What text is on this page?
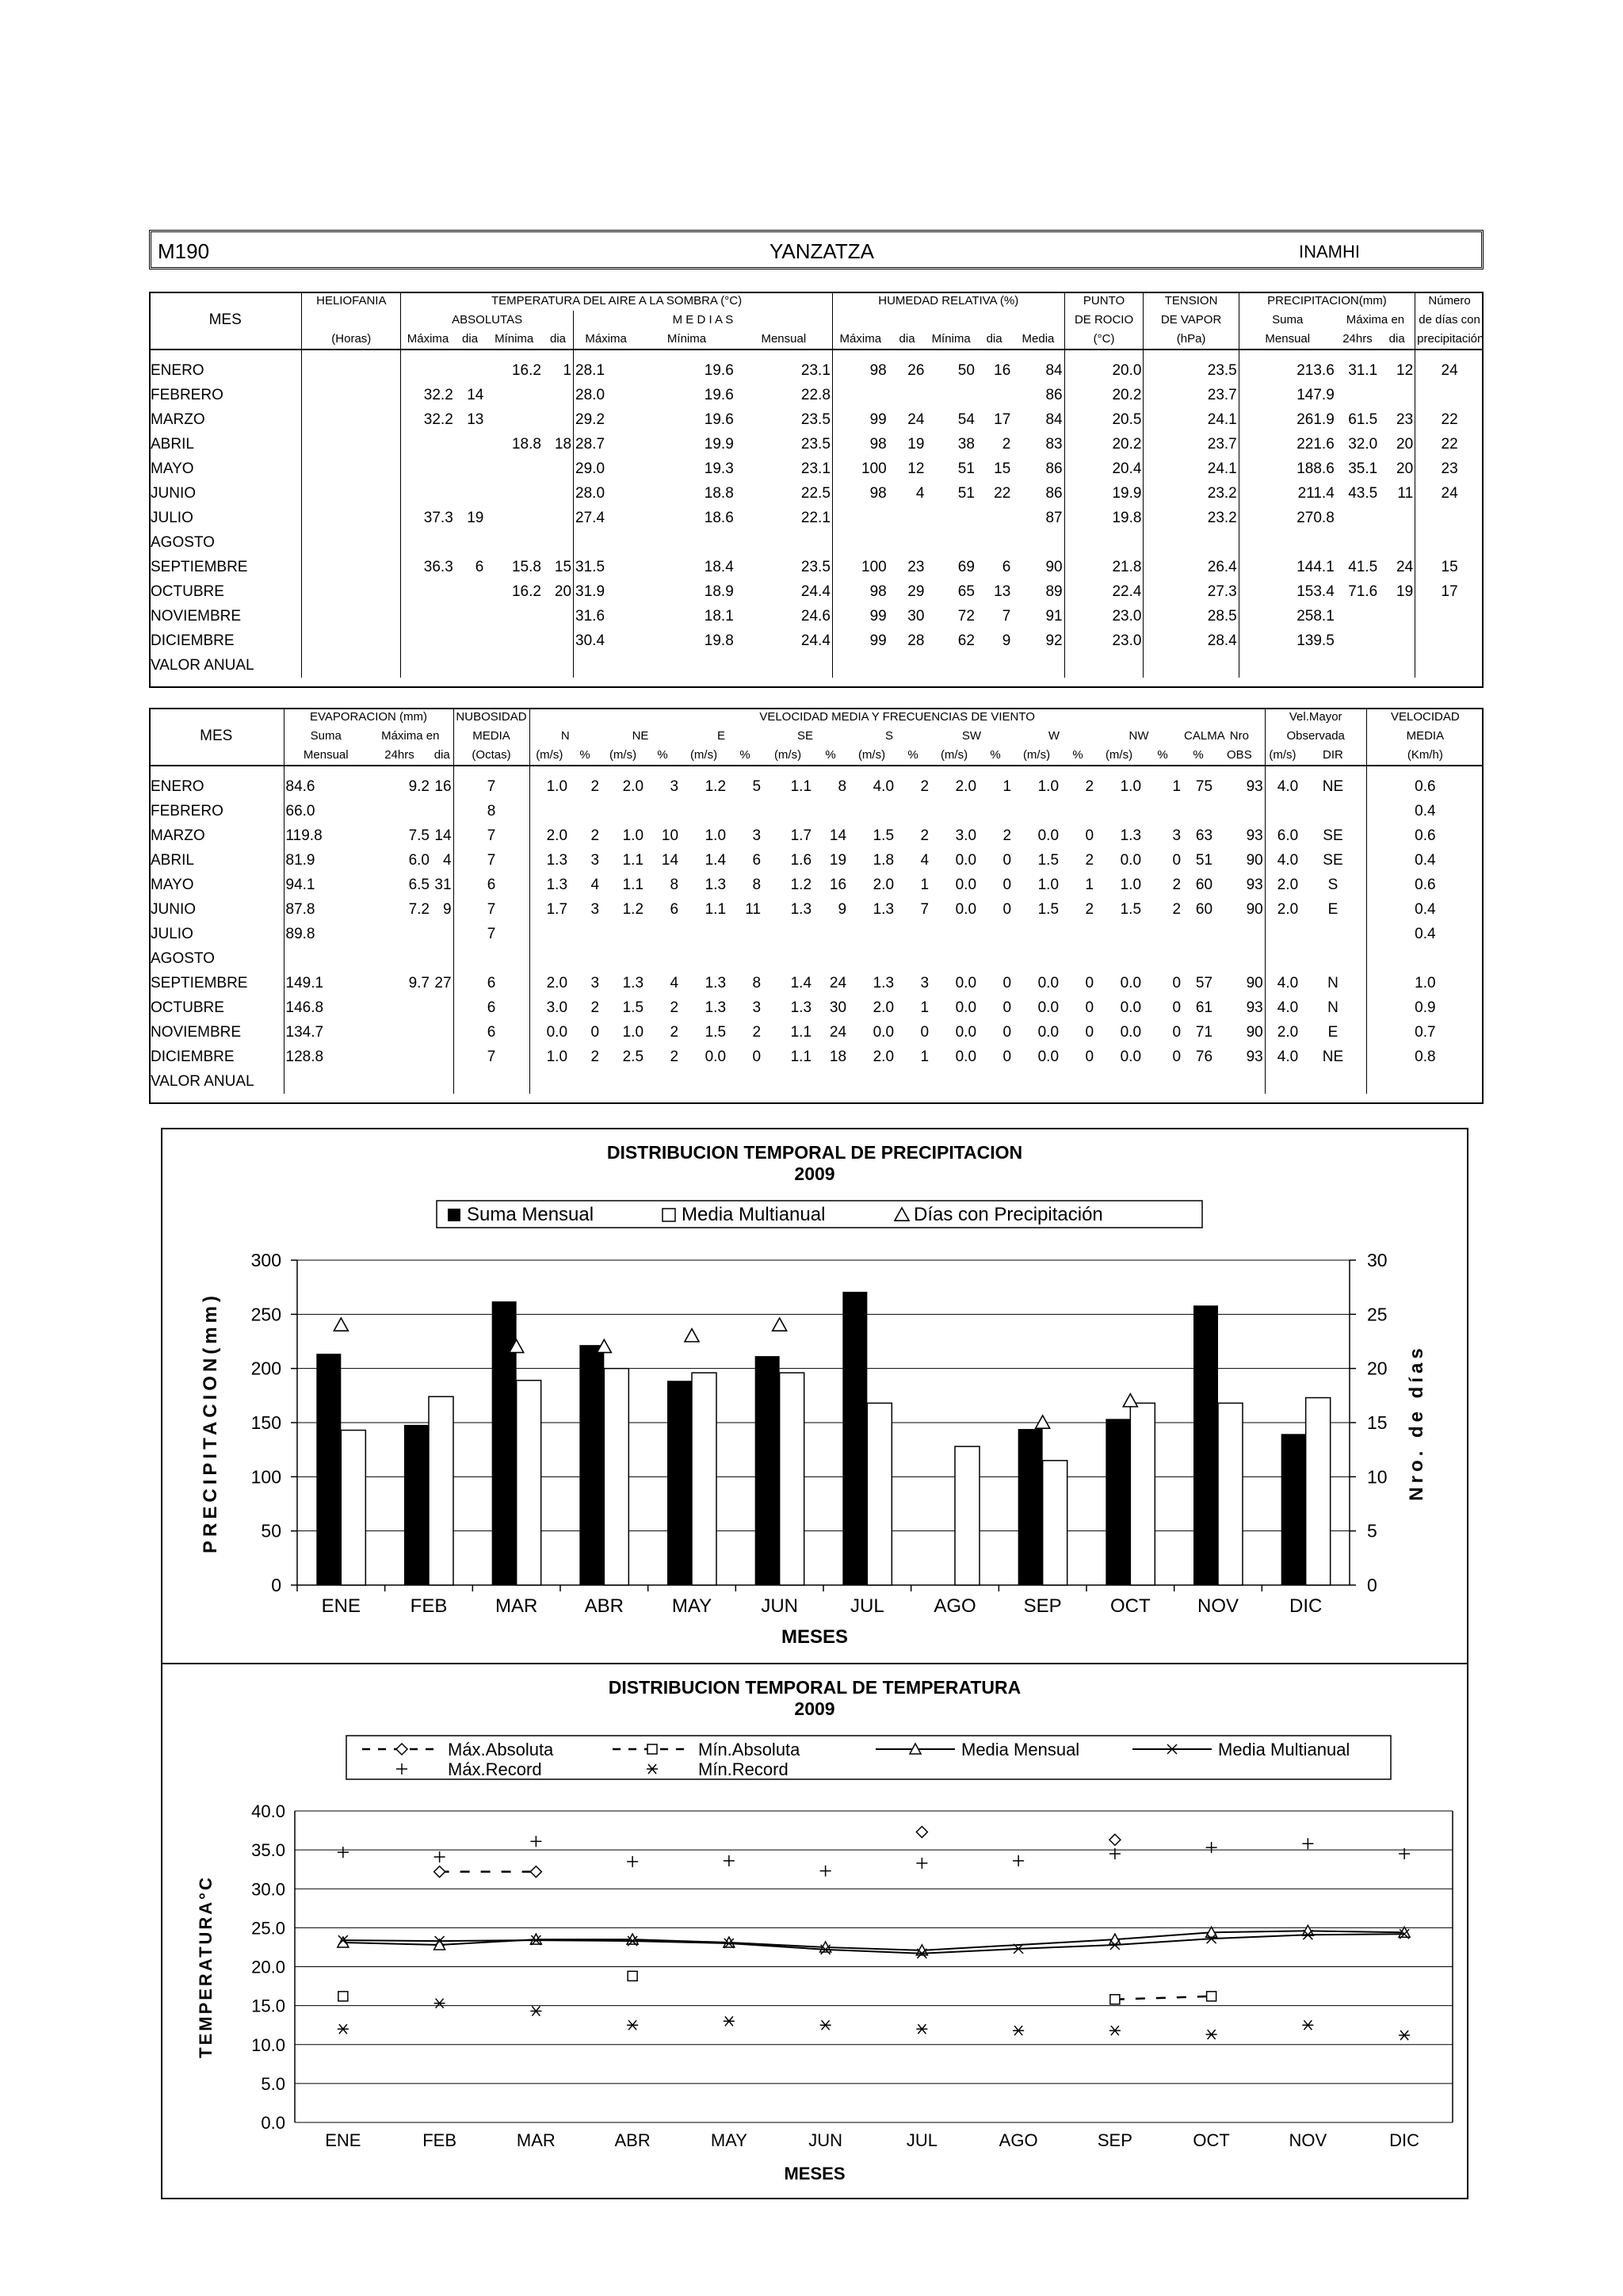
M190	YANZATZA	INAMHI
	HELIOFANIA	TEMPERATURA DEL AIRE A LA SOMBRA (°C)							HUMEDAD RELATIVA (%)					PUNTO	TENSION	PRECIPITACION(mm)			Número
MES		ABSOLUTAS				M E D I A S								DE ROCIO	DE VAPOR	Suma	Máxima en		de días con
	(Horas)	Máxima	dia	Mínima	dia	Máxima	Mínima	Mensual	Máxima	dia	Mínima	dia	Media	(°C)	(hPa)	Mensual	24hrs	dia	precipitación

ENERO				16.2	1	28.1	19.6	23.1	98	26	50	16	84	20.0	23.5	213.6	31.1	12	24
FEBRERO		32.2	14			28.0	19.6	22.8					86	20.2	23.7	147.9			
MARZO		32.2	13			29.2	19.6	23.5	99	24	54	17	84	20.5	24.1	261.9	61.5	23	22
ABRIL				18.8	18	28.7	19.9	23.5	98	19	38	2	83	20.2	23.7	221.6	32.0	20	22
MAYO						29.0	19.3	23.1	100	12	51	15	86	20.4	24.1	188.6	35.1	20	23
JUNIO						28.0	18.8	22.5	98	4	51	22	86	19.9	23.2	211.4	43.5	11	24
JULIO		37.3	19			27.4	18.6	22.1					87	19.8	23.2	270.8			
AGOSTO																			
SEPTIEMBRE		36.3	6	15.8	15	31.5	18.4	23.5	100	23	69	6	90	21.8	26.4	144.1	41.5	24	15
OCTUBRE				16.2	20	31.9	18.9	24.4	98	29	65	13	89	22.4	27.3	153.4	71.6	19	17
NOVIEMBRE						31.6	18.1	24.6	99	30	72	7	91	23.0	28.5	258.1			
DICIEMBRE						30.4	19.8	24.4	99	28	62	9	92	23.0	28.4	139.5			
VALOR ANUAL																			
	EVAPORACION (mm)			NUBOSIDAD	VELOCIDAD MEDIA Y FRECUENCIAS DE VIENTO																		Vel.Mayor		VELOCIDAD
MES	Suma	Máxima en		MEDIA	N		NE		E		SE		S		SW		W		NW		CALMA	Nro	Observada		MEDIA
	Mensual	24hrs	dia	(Octas)	(m/s)	%	(m/s)	%	(m/s)	%	(m/s)	%	(m/s)	%	(m/s)	%	(m/s)	%	(m/s)	%	%	OBS	(m/s)	DIR	(Km/h)

ENERO	84.6	9.2	16	7	1.0	2	2.0	3	1.2	5	1.1	8	4.0	2	2.0	1	1.0	2	1.0	1	75	93	4.0	NE	0.6
FEBRERO	66.0			8																					0.4
MARZO	119.8	7.5	14	7	2.0	2	1.0	10	1.0	3	1.7	14	1.5	2	3.0	2	0.0	0	1.3	3	63	93	6.0	SE	0.6
ABRIL	81.9	6.0	4	7	1.3	3	1.1	14	1.4	6	1.6	19	1.8	4	0.0	0	1.5	2	0.0	0	51	90	4.0	SE	0.4
MAYO	94.1	6.5	31	6	1.3	4	1.1	8	1.3	8	1.2	16	2.0	1	0.0	0	1.0	1	1.0	2	60	93	2.0	S	0.6
JUNIO	87.8	7.2	9	7	1.7	3	1.2	6	1.1	11	1.3	9	1.3	7	0.0	0	1.5	2	1.5	2	60	90	2.0	E	0.4
JULIO	89.8			7																					0.4
AGOSTO																									
SEPTIEMBRE	149.1	9.7	27	6	2.0	3	1.3	4	1.3	8	1.4	24	1.3	3	0.0	0	0.0	0	0.0	0	57	90	4.0	N	1.0
OCTUBRE	146.8			6	3.0	2	1.5	2	1.3	3	1.3	30	2.0	1	0.0	0	0.0	0	0.0	0	61	93	4.0	N	0.9
NOVIEMBRE	134.7			6	0.0	0	1.0	2	1.5	2	1.1	24	0.0	0	0.0	0	0.0	0	0.0	0	71	90	2.0	E	0.7
DICIEMBRE	128.8			7	1.0	2	2.5	2	0.0	0	1.1	18	2.0	1	0.0	0	0.0	0	0.0	0	76	93	4.0	NE	0.8
VALOR ANUAL																									
DISTRIBUCION TEMPORAL DE PRECIPITACION
2009
Suma Mensual	Media Multianual	Días con Precipitación
0
50
100
150
200
250
300
0
5
10
15
20
25
30
ENE	FEB	MAR ABR	MAY	JUN	JUL	AGO SEP	OCT NOV	DIC
MESES
PRECIPITACION(mm)	Nro. de días
DISTRIBUCION TEMPORAL DE TEMPERATURA
2009
Máx.Absoluta	Mín.Absoluta	Media Mensual	Media Multianual
Máx.Record	Mín.Record
0.0
5.0
10.0
15.0
20.0
25.0
30.0
35.0
40.0
ENE	FEB	MAR	ABR	MAY	JUN	JUL	AGO	SEP	OCT	NOV	DIC
MESES
TEMPERATURA°C
